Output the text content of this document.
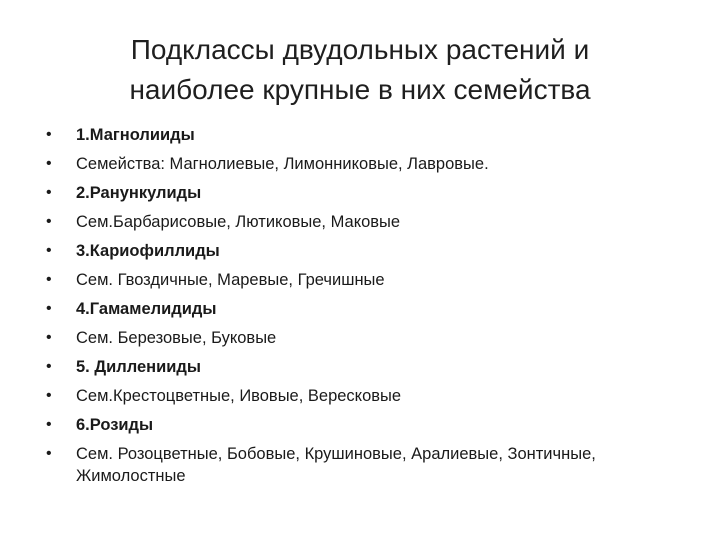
Подклассы двудольных растений и
наиболее крупные в них семейства
• 1.Магнолииды
• Семейства: Магнолиевые, Лимонниковые, Лавровые.
• 2.Ранункулиды
• Сем.Барбарисовые, Лютиковые, Маковые
• 3.Кариофиллиды
• Сем. Гвоздичные, Маревые, Гречишные
• 4.Гамамелидиды
• Сем. Березовые, Буковые
• 5. Дилленииды
• Сем.Крестоцветные, Ивовые, Вересковые
• 6.Розиды
• Сем. Розоцветные, Бобовые, Крушиновые, Аралиевые, Зонтичные, Жимолостные
